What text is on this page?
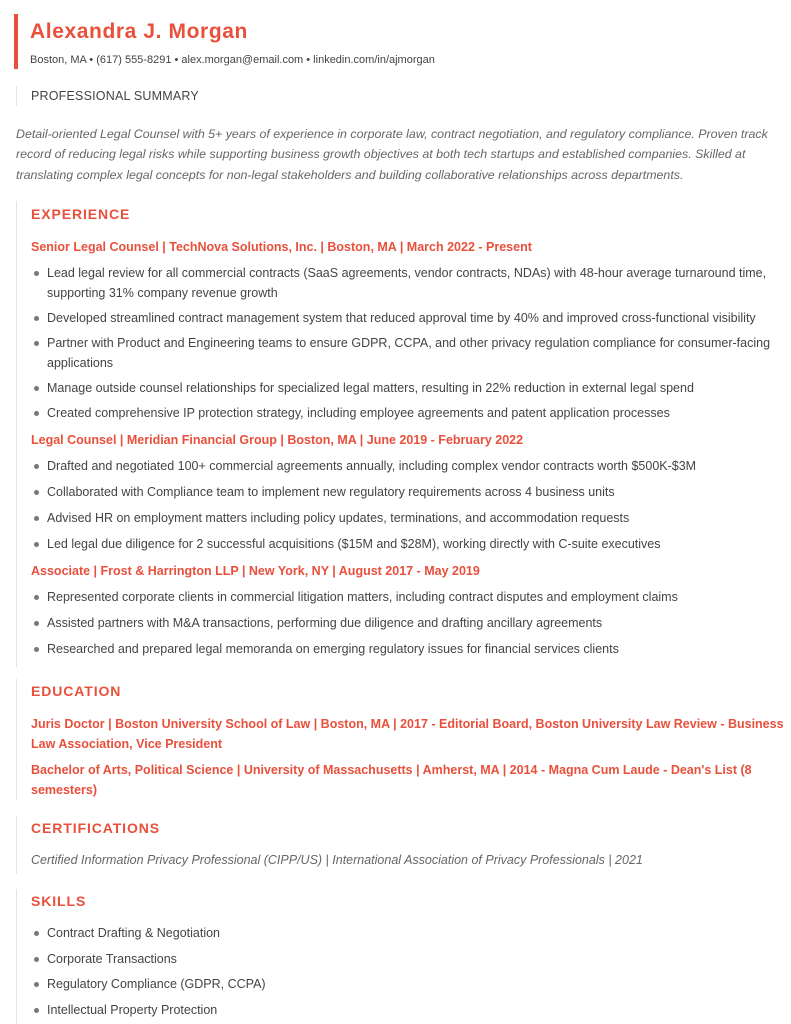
Alexandra J. Morgan
Boston, MA • (617) 555-8291 • alex.morgan@email.com • linkedin.com/in/ajmorgan
PROFESSIONAL SUMMARY
Detail-oriented Legal Counsel with 5+ years of experience in corporate law, contract negotiation, and regulatory compliance. Proven track record of reducing legal risks while supporting business growth objectives at both tech startups and established companies. Skilled at translating complex legal concepts for non-legal stakeholders and building collaborative relationships across departments.
EXPERIENCE
Senior Legal Counsel | TechNova Solutions, Inc. | Boston, MA | March 2022 - Present
Lead legal review for all commercial contracts (SaaS agreements, vendor contracts, NDAs) with 48-hour average turnaround time, supporting 31% company revenue growth
Developed streamlined contract management system that reduced approval time by 40% and improved cross-functional visibility
Partner with Product and Engineering teams to ensure GDPR, CCPA, and other privacy regulation compliance for consumer-facing applications
Manage outside counsel relationships for specialized legal matters, resulting in 22% reduction in external legal spend
Created comprehensive IP protection strategy, including employee agreements and patent application processes
Legal Counsel | Meridian Financial Group | Boston, MA | June 2019 - February 2022
Drafted and negotiated 100+ commercial agreements annually, including complex vendor contracts worth $500K-$3M
Collaborated with Compliance team to implement new regulatory requirements across 4 business units
Advised HR on employment matters including policy updates, terminations, and accommodation requests
Led legal due diligence for 2 successful acquisitions ($15M and $28M), working directly with C-suite executives
Associate | Frost & Harrington LLP | New York, NY | August 2017 - May 2019
Represented corporate clients in commercial litigation matters, including contract disputes and employment claims
Assisted partners with M&A transactions, performing due diligence and drafting ancillary agreements
Researched and prepared legal memoranda on emerging regulatory issues for financial services clients
EDUCATION
Juris Doctor | Boston University School of Law | Boston, MA | 2017 - Editorial Board, Boston University Law Review - Business Law Association, Vice President
Bachelor of Arts, Political Science | University of Massachusetts | Amherst, MA | 2014 - Magna Cum Laude - Dean's List (8 semesters)
CERTIFICATIONS
Certified Information Privacy Professional (CIPP/US) | International Association of Privacy Professionals | 2021
SKILLS
Contract Drafting & Negotiation
Corporate Transactions
Regulatory Compliance (GDPR, CCPA)
Intellectual Property Protection
